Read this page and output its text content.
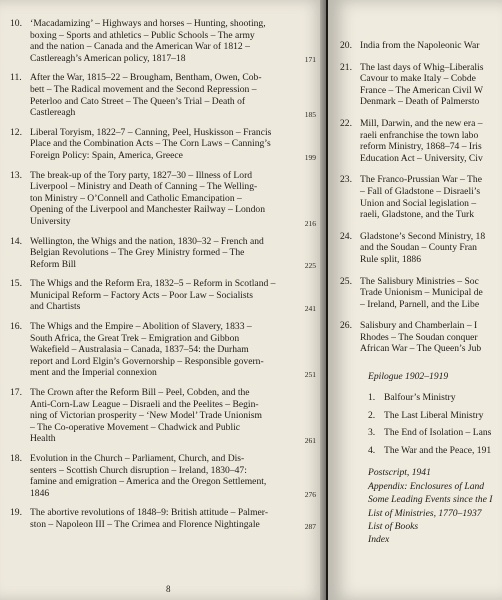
10. ‘Macadamizing’ – Highways and horses – Hunting, shooting,
boxing – Sports and athletics – Public Schools – The army
and the nation – Canada and the American War of 1812 –
Castlereagh’s American policy, 1817–18	171
11. After the War, 1815–22 – Brougham, Bentham, Owen, Cob-
bett – The Radical movement and the Second Repression –
Peterloo and Cato Street – The Queen’s Trial – Death of
Castlereagh	185
12. Liberal Toryism, 1822–7 – Canning, Peel, Huskisson – Francis
Place and the Combination Acts – The Corn Laws – Canning’s
Foreign Policy: Spain, America, Greece	199
13. The break-up of the Tory party, 1827–30 – Illness of Lord
Liverpool – Ministry and Death of Canning – The Welling-
ton Ministry – O’Connell and Catholic Emancipation –
Opening of the Liverpool and Manchester Railway – London
University	216
14. Wellington, the Whigs and the nation, 1830–32 – French and
Belgian Revolutions – The Grey Ministry formed – The
Reform Bill	225
15. The Whigs and the Reform Era, 1832–5 – Reform in Scotland –
Municipal Reform – Factory Acts – Poor Law – Socialists
and Chartists	241
16. The Whigs and the Empire – Abolition of Slavery, 1833 –
South Africa, the Great Trek – Emigration and Gibbon
Wakefield – Australasia – Canada, 1837–54: the Durham
report and Lord Elgin’s Governorship – Responsible govern-
ment and the Imperial connexion	251
17. The Crown after the Reform Bill – Peel, Cobden, and the
Anti-Corn-Law League – Disraeli and the Peelites – Begin-
ning of Victorian prosperity – ‘New Model’ Trade Unionism
– The Co-operative Movement – Chadwick and Public
Health	261
18. Evolution in the Church – Parliament, Church, and Dis-
senters – Scottish Church disruption – Ireland, 1830–47:
famine and emigration – America and the Oregon Settlement,
1846	276
19. The abortive revolutions of 1848–9: British attitude – Palmer-
ston – Napoleon III – The Crimea and Florence Nightingale	287
8
20. India from the Napoleonic War
21. The last days of Whig–Liberalis
Cavour to make Italy – Cobde
France – The American Civil W
Denmark – Death of Palmersto
22. Mill, Darwin, and the new era –
raeli enfranchise the town labo
reform Ministry, 1868–74 – Iris
Education Act – University, Civ
23. The Franco-Prussian War – The
– Fall of Gladstone – Disraeli’s
Union and Social legislation –
raeli, Gladstone, and the Turk
24. Gladstone’s Second Ministry, 18
and the Soudan – County Fran
Rule split, 1886
25. The Salisbury Ministries – Soc
Trade Unionism – Municipal de
– Ireland, Parnell, and the Libe
26. Salisbury and Chamberlain – I
Rhodes – The Soudan conquer
African War – The Queen’s Jub
Epilogue 1902–1919
1. Balfour’s Ministry
2. The Last Liberal Ministry
3. The End of Isolation – Lans
4. The War and the Peace, 191
Postscript, 1941
Appendix: Enclosures of Land
Some Leading Events since the I
List of Ministries, 1770–1937
List of Books
Index
